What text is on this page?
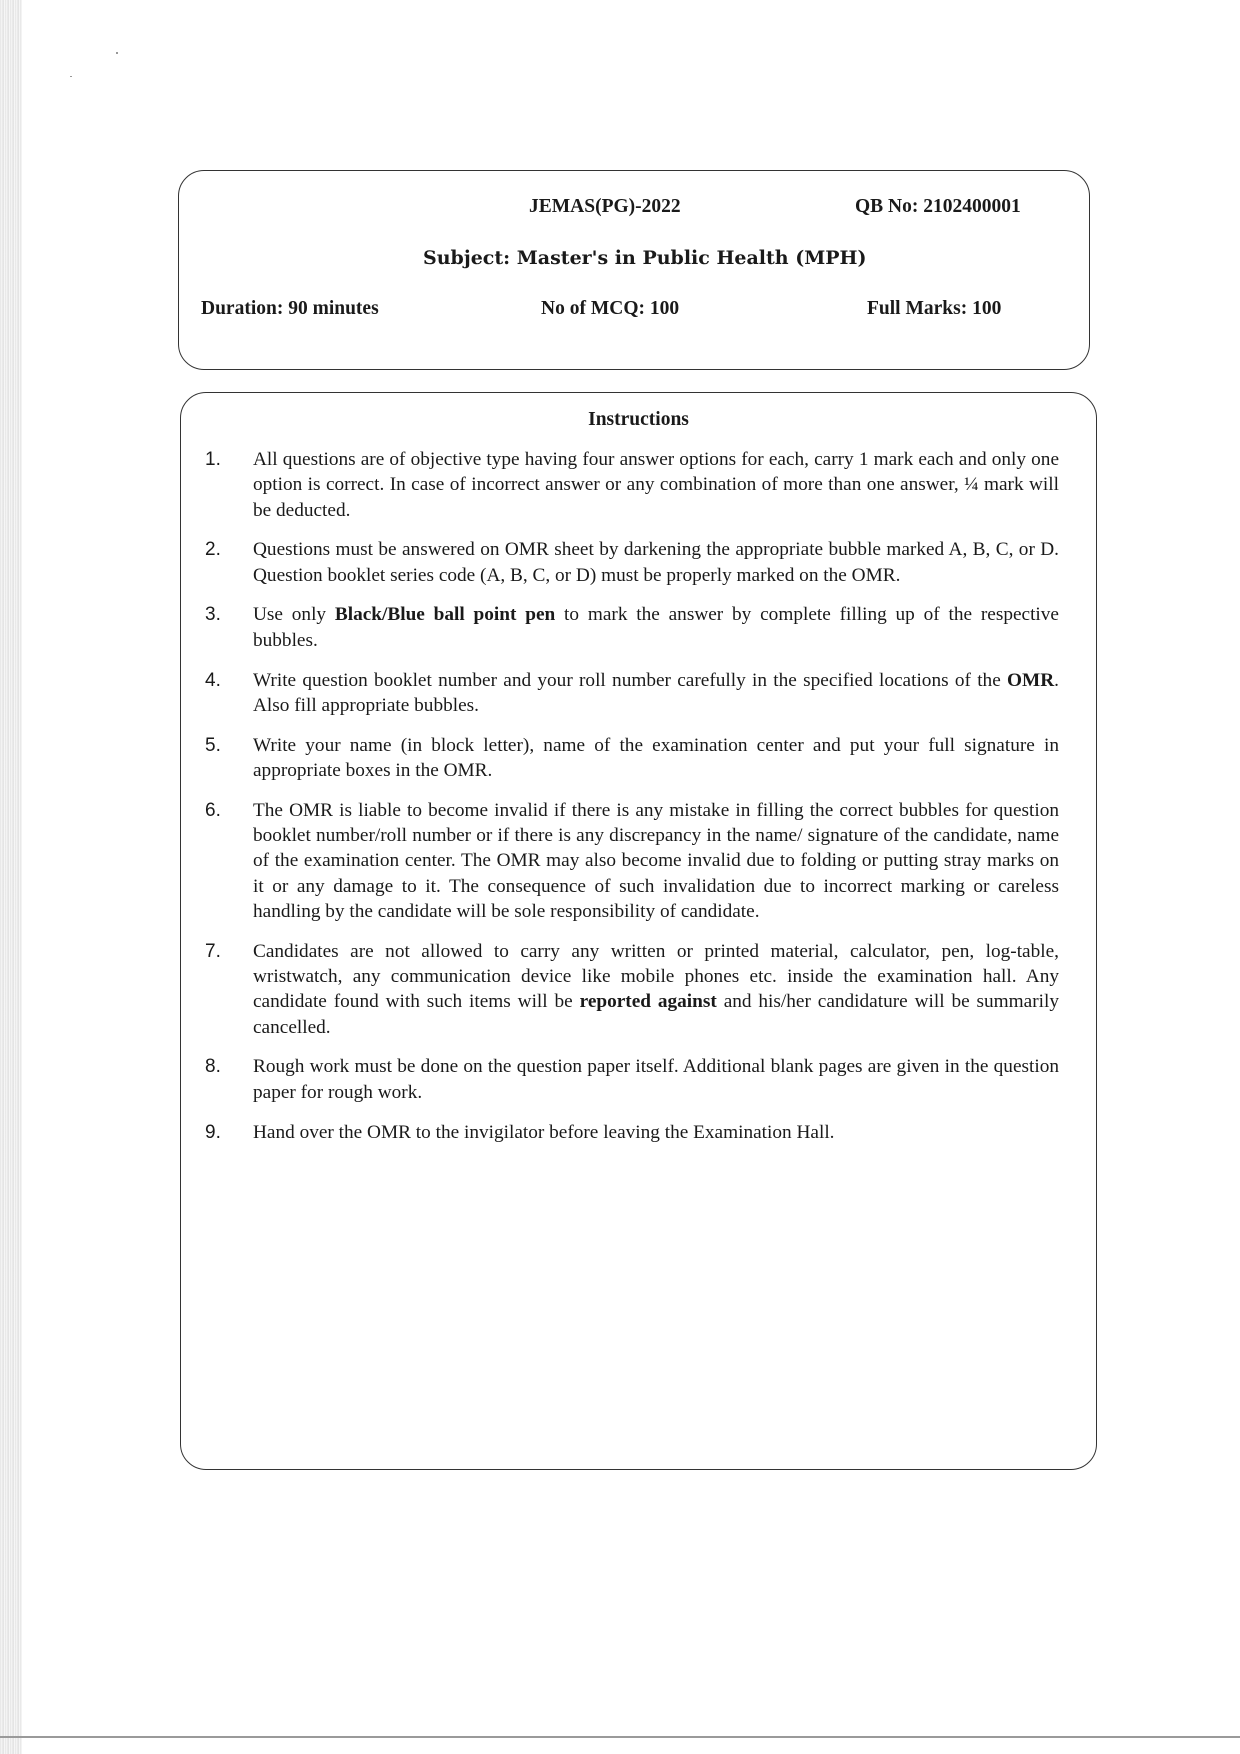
JEMAS(PG)-2022	QB No: 2102400001
Subject: Master's in Public Health (MPH)
Duration: 90 minutes	No of MCQ: 100	Full Marks: 100
Instructions
1. All questions are of objective type having four answer options for each, carry 1 mark each and only one option is correct. In case of incorrect answer or any combination of more than one answer, ¼ mark will be deducted.
2. Questions must be answered on OMR sheet by darkening the appropriate bubble marked A, B, C, or D. Question booklet series code (A, B, C, or D) must be properly marked on the OMR.
3. Use only Black/Blue ball point pen to mark the answer by complete filling up of the respective bubbles.
4. Write question booklet number and your roll number carefully in the specified locations of the OMR. Also fill appropriate bubbles.
5. Write your name (in block letter), name of the examination center and put your full signature in appropriate boxes in the OMR.
6. The OMR is liable to become invalid if there is any mistake in filling the correct bubbles for question booklet number/roll number or if there is any discrepancy in the name/ signature of the candidate, name of the examination center. The OMR may also become invalid due to folding or putting stray marks on it or any damage to it. The consequence of such invalidation due to incorrect marking or careless handling by the candidate will be sole responsibility of candidate.
7. Candidates are not allowed to carry any written or printed material, calculator, pen, log-table, wristwatch, any communication device like mobile phones etc. inside the examination hall. Any candidate found with such items will be reported against and his/her candidature will be summarily cancelled.
8. Rough work must be done on the question paper itself. Additional blank pages are given in the question paper for rough work.
9. Hand over the OMR to the invigilator before leaving the Examination Hall.
